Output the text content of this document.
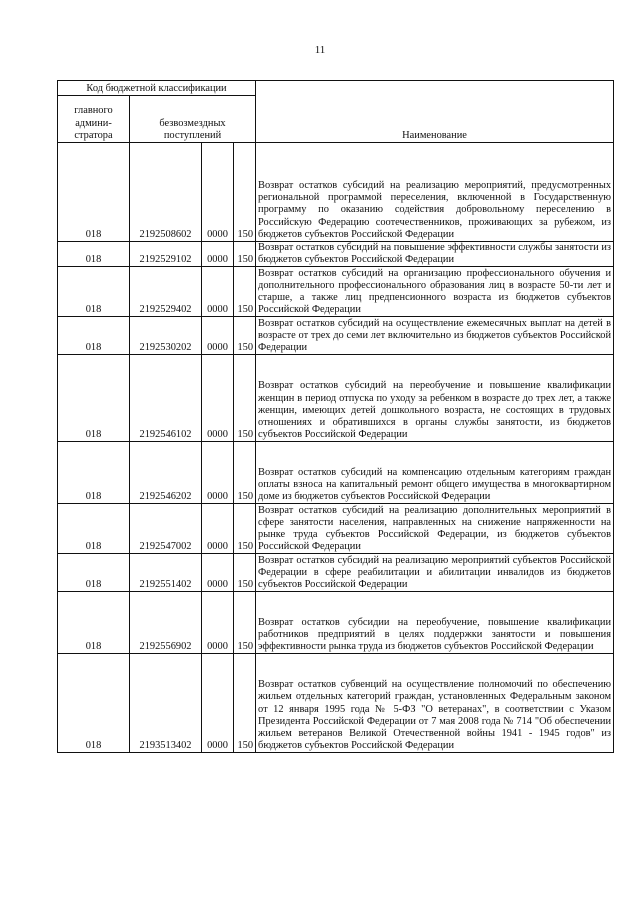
11
Код бюджетной классификации				Наименование
главного админи-стратора	безвозмездных поступлений			
018	2192508602	0000	150	Возврат остатков субсидий на реализацию мероприятий, предусмотренных региональной программой переселения, включенной в Государственную программу по оказанию содействия добровольному переселению в Российскую Федерацию соотечественников, проживающих за рубежом, из бюджетов субъектов Российской Федерации
018	2192529102	0000	150	Возврат остатков субсидий на повышение эффективности службы занятости из бюджетов субъектов Российской Федерации
018	2192529402	0000	150	Возврат остатков субсидий на организацию профессионального обучения и дополнительного профессионального образования лиц в возрасте 50-ти лет и старше, а также лиц предпенсионного возраста из бюджетов субъектов Российской Федерации
018	2192530202	0000	150	Возврат остатков субсидий на осуществление ежемесячных выплат на детей в возрасте от трех до семи лет включительно из бюджетов субъектов Российской Федерации
018	2192546102	0000	150	Возврат остатков субсидий на переобучение и повышение квалификации женщин в период отпуска по уходу за ребенком в возрасте до трех лет, а также женщин, имеющих детей дошкольного возраста, не состоящих в трудовых отношениях и обратившихся в органы службы занятости, из бюджетов субъектов Российской Федерации
018	2192546202	0000	150	Возврат остатков субсидий на компенсацию отдельным категориям граждан оплаты взноса на капитальный ремонт общего имущества в многоквартирном доме из бюджетов субъектов Российской Федерации
018	2192547002	0000	150	Возврат остатков субсидий на реализацию дополнительных мероприятий в сфере занятости населения, направленных на снижение напряженности на рынке труда субъектов Российской Федерации, из бюджетов субъектов Российской Федерации
018	2192551402	0000	150	Возврат остатков субсидий на реализацию мероприятий субъектов Российской Федерации в сфере реабилитации и абилитации инвалидов из бюджетов субъектов Российской Федерации
018	2192556902	0000	150	Возврат остатков субсидии на переобучение, повышение квалификации работников предприятий в целях поддержки занятости и повышения эффективности рынка труда из бюджетов субъектов Российской Федерации
018	2193513402	0000	150	Возврат остатков субвенций на осуществление полномочий по обеспечению жильем отдельных категорий граждан, установленных Федеральным законом от 12 января 1995 года № 5-ФЗ "О ветеранах", в соответствии с Указом Президента Российской Федерации от 7 мая 2008 года № 714 "Об обеспечении жильем ветеранов Великой Отечественной войны 1941 - 1945 годов" из бюджетов субъектов Российской Федерации
